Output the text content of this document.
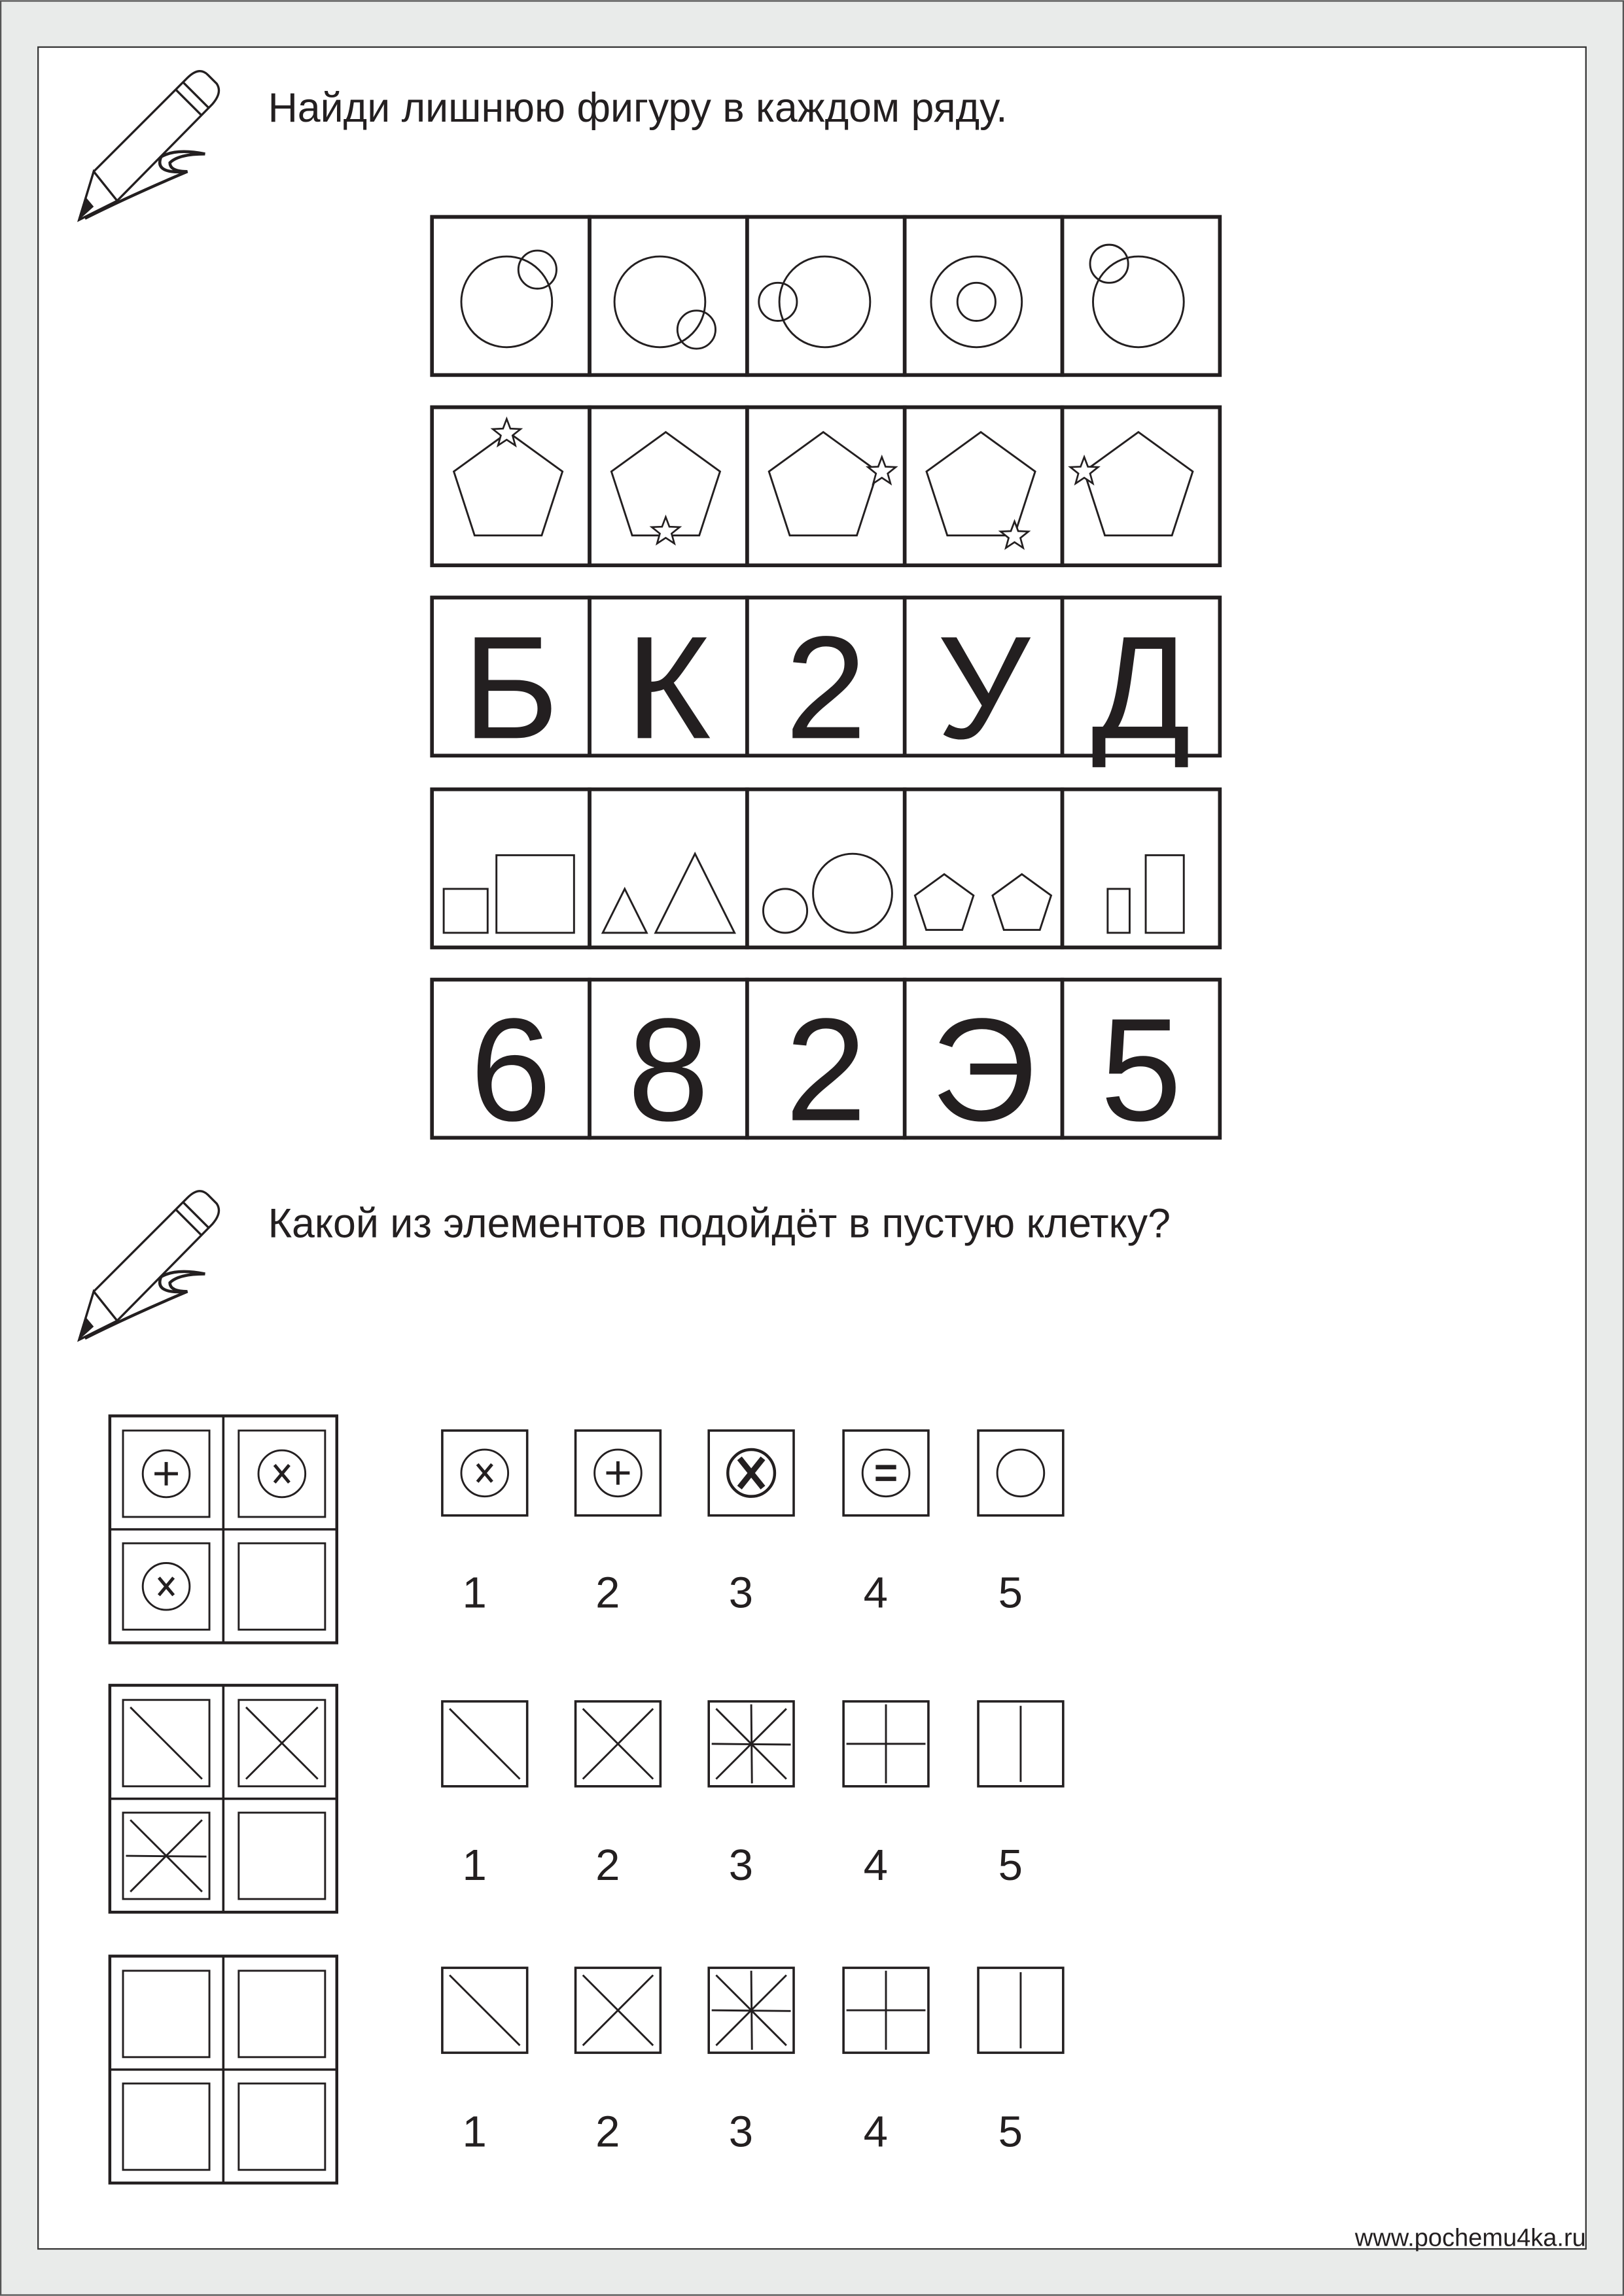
Найди лишнюю фигуру в каждом ряду.
Б К 2 У Д
6 8 2 Э 5
Какой из элементов подойдёт в пустую клетку?
1	2	3	4	5
1	2	3	4	5
1	2	3	4	5
www.pochemu4ka.ru
